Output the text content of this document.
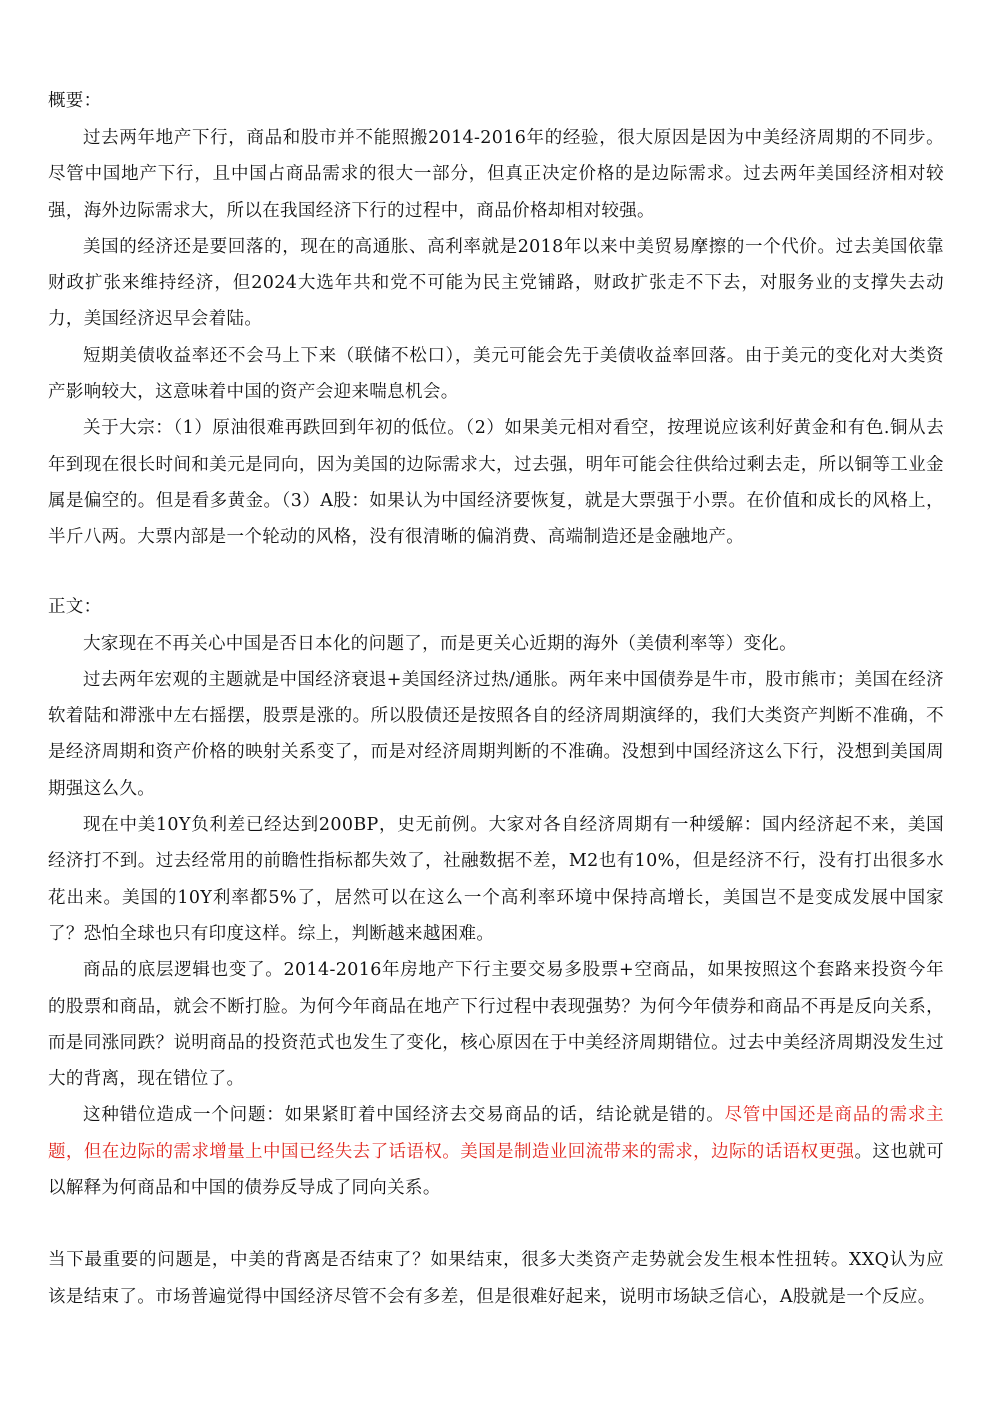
概要：

过去两年地产下行，商品和股市并不能照搬2014-2016年的经验，很大原因是因为中美经济周期的不同步。尽管中国地产下行，且中国占商品需求的很大一部分，但真正决定价格的是边际需求。过去两年美国经济相对较强，海外边际需求大，所以在我国经济下行的过程中，商品价格却相对较强。

美国的经济还是要回落的，现在的高通胀、高利率就是2018年以来中美贸易摩擦的一个代价。过去美国依靠财政扩张来维持经济，但2024大选年共和党不可能为民主党铺路，财政扩张走不下去，对服务业的支撑失去动力，美国经济迟早会着陆。

短期美债收益率还不会马上下来（联储不松口），美元可能会先于美债收益率回落。由于美元的变化对大类资产影响较大，这意味着中国的资产会迎来喘息机会。

关于大宗：（1）原油很难再跌回到年初的低位。（2）如果美元相对看空，按理说应该利好黄金和有色.铜从去年到现在很长时间和美元是同向，因为美国的边际需求大，过去强，明年可能会往供给过剩去走，所以铜等工业金属是偏空的。但是看多黄金。（3）A股：如果认为中国经济要恢复，就是大票强于小票。在价值和成长的风格上，半斤八两。大票内部是一个轮动的风格，没有很清晰的偏消费、高端制造还是金融地产。

正文：

大家现在不再关心中国是否日本化的问题了，而是更关心近期的海外（美债利率等）变化。

过去两年宏观的主题就是中国经济衰退+美国经济过热/通胀。两年来中国债券是牛市，股市熊市；美国在经济软着陆和滞涨中左右摇摆，股票是涨的。所以股债还是按照各自的经济周期演绎的，我们大类资产判断不准确，不是经济周期和资产价格的映射关系变了，而是对经济周期判断的不准确。没想到中国经济这么下行，没想到美国周期强这么久。

现在中美10Y负利差已经达到200BP，史无前例。大家对各自经济周期有一种缓解：国内经济起不来，美国经济打不到。过去经常用的前瞻性指标都失效了，社融数据不差，M2也有10%，但是经济不行，没有打出很多水花出来。美国的10Y利率都5%了，居然可以在这么一个高利率环境中保持高增长，美国岂不是变成发展中国家了？恐怕全球也只有印度这样。综上，判断越来越困难。

商品的底层逻辑也变了。2014-2016年房地产下行主要交易多股票+空商品，如果按照这个套路来投资今年的股票和商品，就会不断打脸。为何今年商品在地产下行过程中表现强势？为何今年债券和商品不再是反向关系，而是同涨同跌？说明商品的投资范式也发生了变化，核心原因在于中美经济周期错位。过去中美经济周期没发生过大的背离，现在错位了。

这种错位造成一个问题：如果紧盯着中国经济去交易商品的话，结论就是错的。尽管中国还是商品的需求主题，但在边际的需求增量上中国已经失去了话语权。美国是制造业回流带来的需求，边际的话语权更强。这也就可以解释为何商品和中国的债券反导成了同向关系。

当下最重要的问题是，中美的背离是否结束了？如果结束，很多大类资产走势就会发生根本性扭转。XXQ认为应该是结束了。市场普遍觉得中国经济尽管不会有多差，但是很难好起来，说明市场缺乏信心，A股就是一个反应。
